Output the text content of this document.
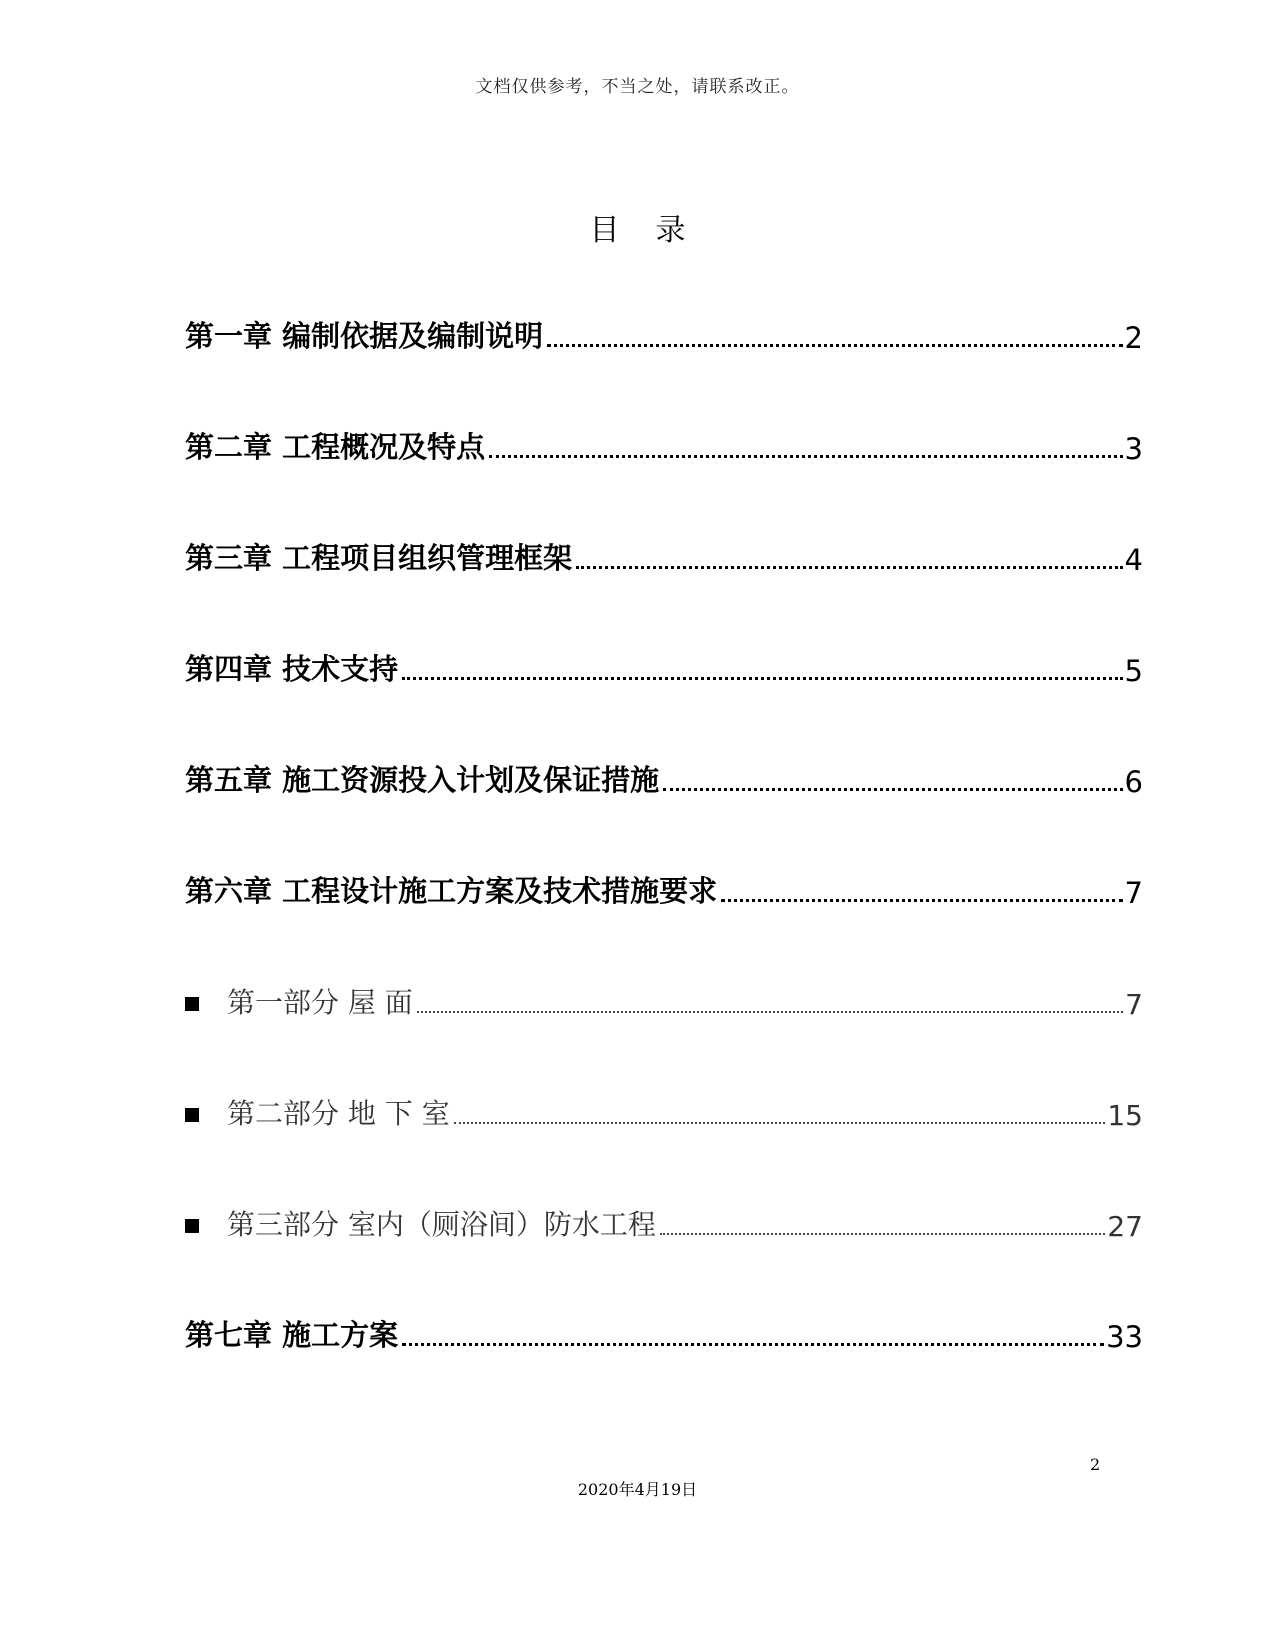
文档仅供参考，不当之处，请联系改正。
目 录
第一章 编制依据及编制说明	2
第二章 工程概况及特点	3
第三章 工程项目组织管理框架	4
第四章 技术支持	5
第五章 施工资源投入计划及保证措施	6
第六章 工程设计施工方案及技术措施要求	7
第一部分 屋 面	7
第二部分 地 下 室	15
第三部分 室内（厕浴间）防水工程	27
第七章 施工方案	33
2
2020年4月19日
